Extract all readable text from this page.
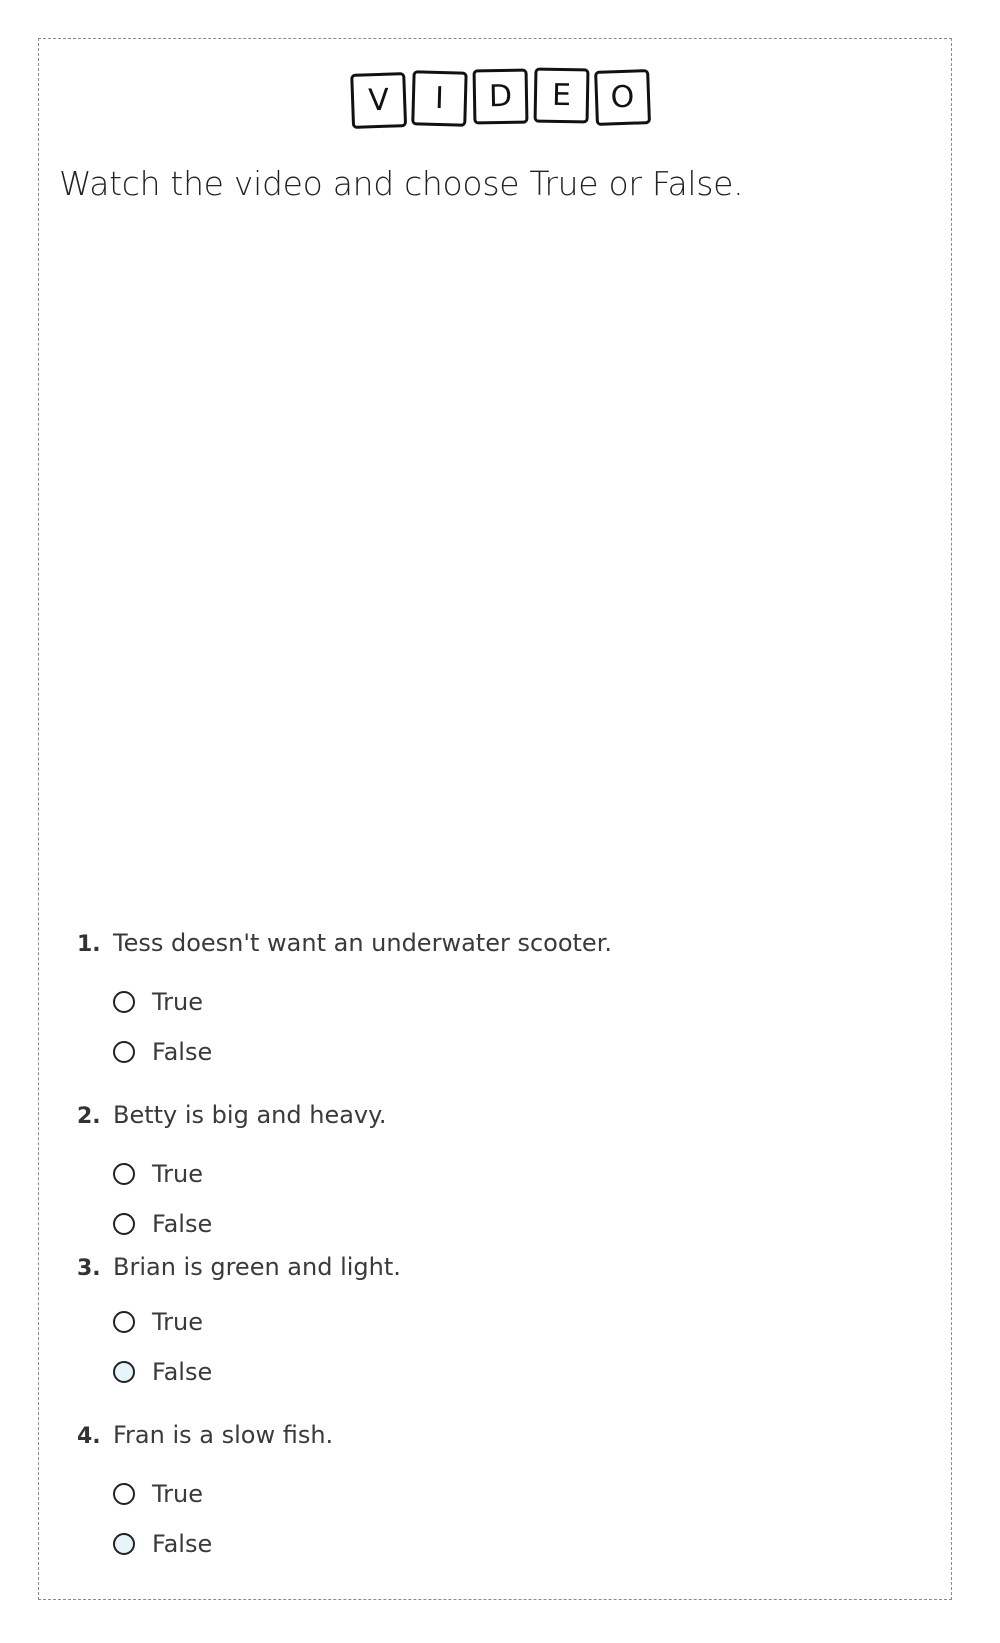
V	I	D	E	O
Watch the video and choose True or False.
1. Tess doesn't want an underwater scooter.
True
False
2. Betty is big and heavy.
True
False
3. Brian is green and light.
True
False
4. Fran is a slow fish.
True
False
